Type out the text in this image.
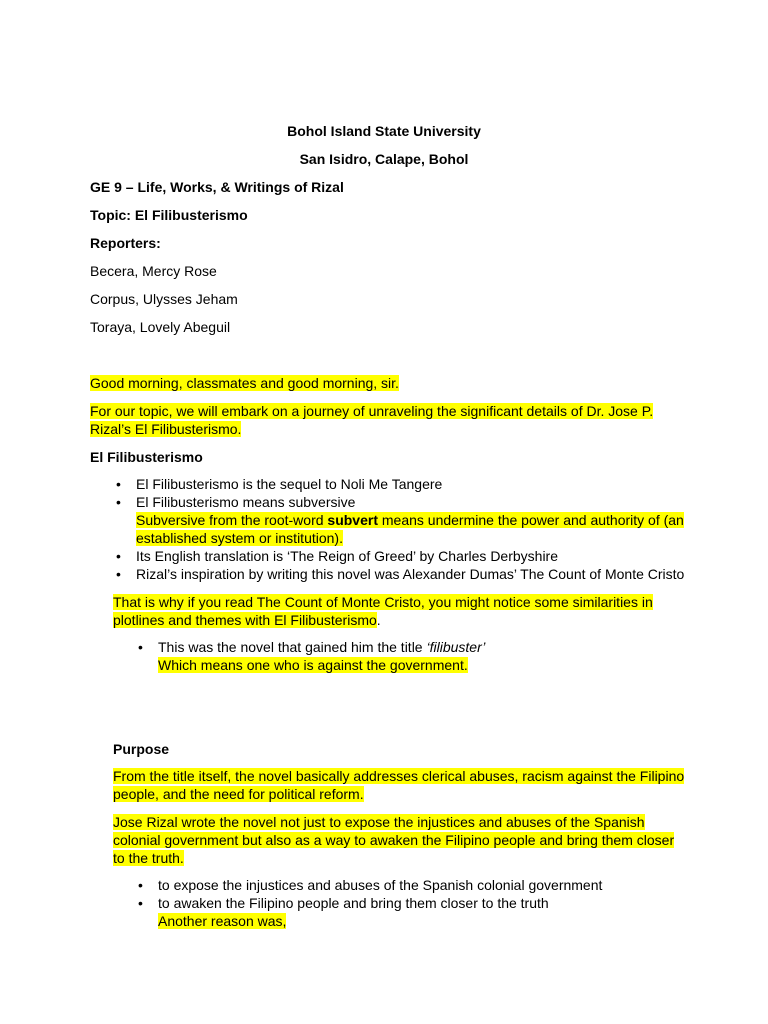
Bohol Island State University
San Isidro, Calape, Bohol
GE 9 – Life, Works, & Writings of Rizal
Topic: El Filibusterismo
Reporters:
Becera, Mercy Rose
Corpus, Ulysses Jeham
Toraya, Lovely Abeguil
Good morning, classmates and good morning, sir.
For our topic, we will embark on a journey of unraveling the significant details of Dr. Jose P.
Rizal’s El Filibusterismo.
El Filibusterismo
• El Filibusterismo is the sequel to Noli Me Tangere
• El Filibusterismo means subversive
Subversive from the root-word subvert means undermine the power and authority of (an
established system or institution).
• Its English translation is ‘The Reign of Greed’ by Charles Derbyshire
• Rizal’s inspiration by writing this novel was Alexander Dumas’ The Count of Monte Cristo
That is why if you read The Count of Monte Cristo, you might notice some similarities in
plotlines and themes with El Filibusterismo.
• This was the novel that gained him the title ‘filibuster’
Which means one who is against the government.
Purpose
From the title itself, the novel basically addresses clerical abuses, racism against the Filipino
people, and the need for political reform.
Jose Rizal wrote the novel not just to expose the injustices and abuses of the Spanish
colonial government but also as a way to awaken the Filipino people and bring them closer
to the truth.
• to expose the injustices and abuses of the Spanish colonial government
• to awaken the Filipino people and bring them closer to the truth
Another reason was,
